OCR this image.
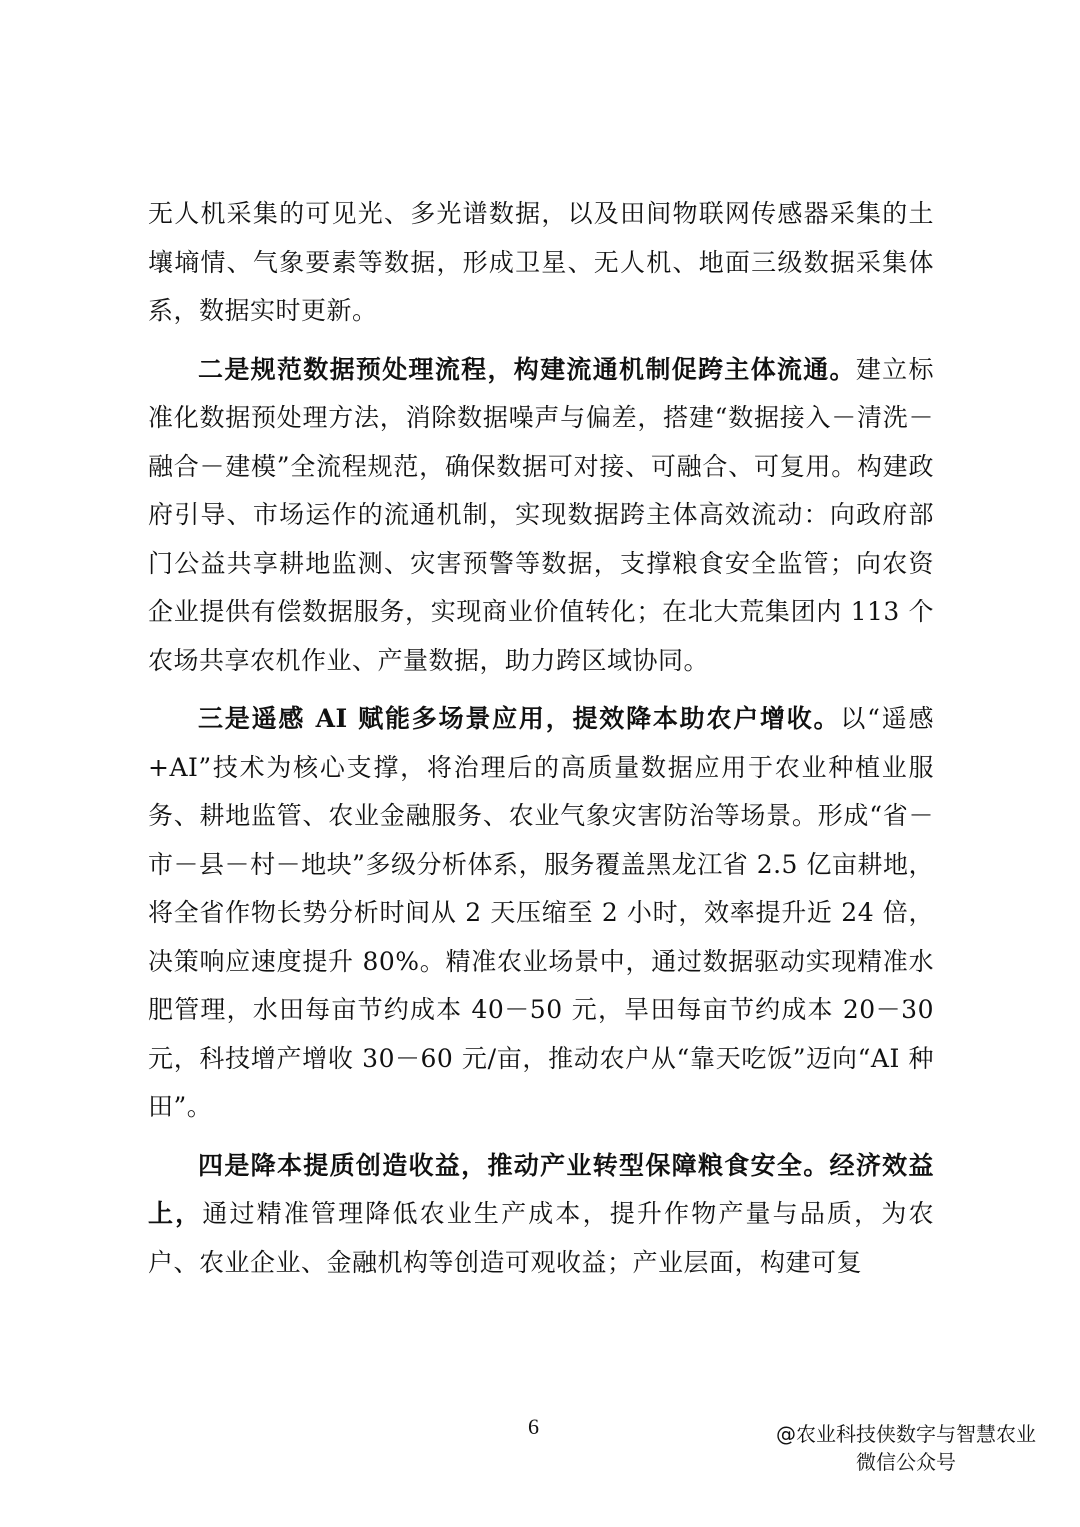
无人机采集的可见光、多光谱数据，以及田间物联网传感器采集的土壤墒情、气象要素等数据，形成卫星、无人机、地面三级数据采集体系，数据实时更新。

二是规范数据预处理流程，构建流通机制促跨主体流通。建立标准化数据预处理方法，消除数据噪声与偏差，搭建“数据接入－清洗－融合－建模”全流程规范，确保数据可对接、可融合、可复用。构建政府引导、市场运作的流通机制，实现数据跨主体高效流动：向政府部门公益共享耕地监测、灾害预警等数据，支撑粮食安全监管；向农资企业提供有偿数据服务，实现商业价值转化；在北大荒集团内 113 个农场共享农机作业、产量数据，助力跨区域协同。

三是遥感 AI 赋能多场景应用，提效降本助农户增收。以“遥感+AI”技术为核心支撑，将治理后的高质量数据应用于农业种植业服务、耕地监管、农业金融服务、农业气象灾害防治等场景。形成“省－市－县－村－地块”多级分析体系，服务覆盖黑龙江省 2.5 亿亩耕地，将全省作物长势分析时间从 2 天压缩至 2 小时，效率提升近 24 倍，决策响应速度提升 80%。精准农业场景中，通过数据驱动实现精准水肥管理，水田每亩节约成本 40－50 元，旱田每亩节约成本 20－30 元，科技增产增收 30－60 元/亩，推动农户从“靠天吃饭”迈向“AI 种田”。

四是降本提质创造收益，推动产业转型保障粮食安全。经济效益上，通过精准管理降低农业生产成本，提升作物产量与品质，为农户、农业企业、金融机构等创造可观收益；产业层面，构建可复

6	@农业科技侠数字与智慧农业
微信公众号
